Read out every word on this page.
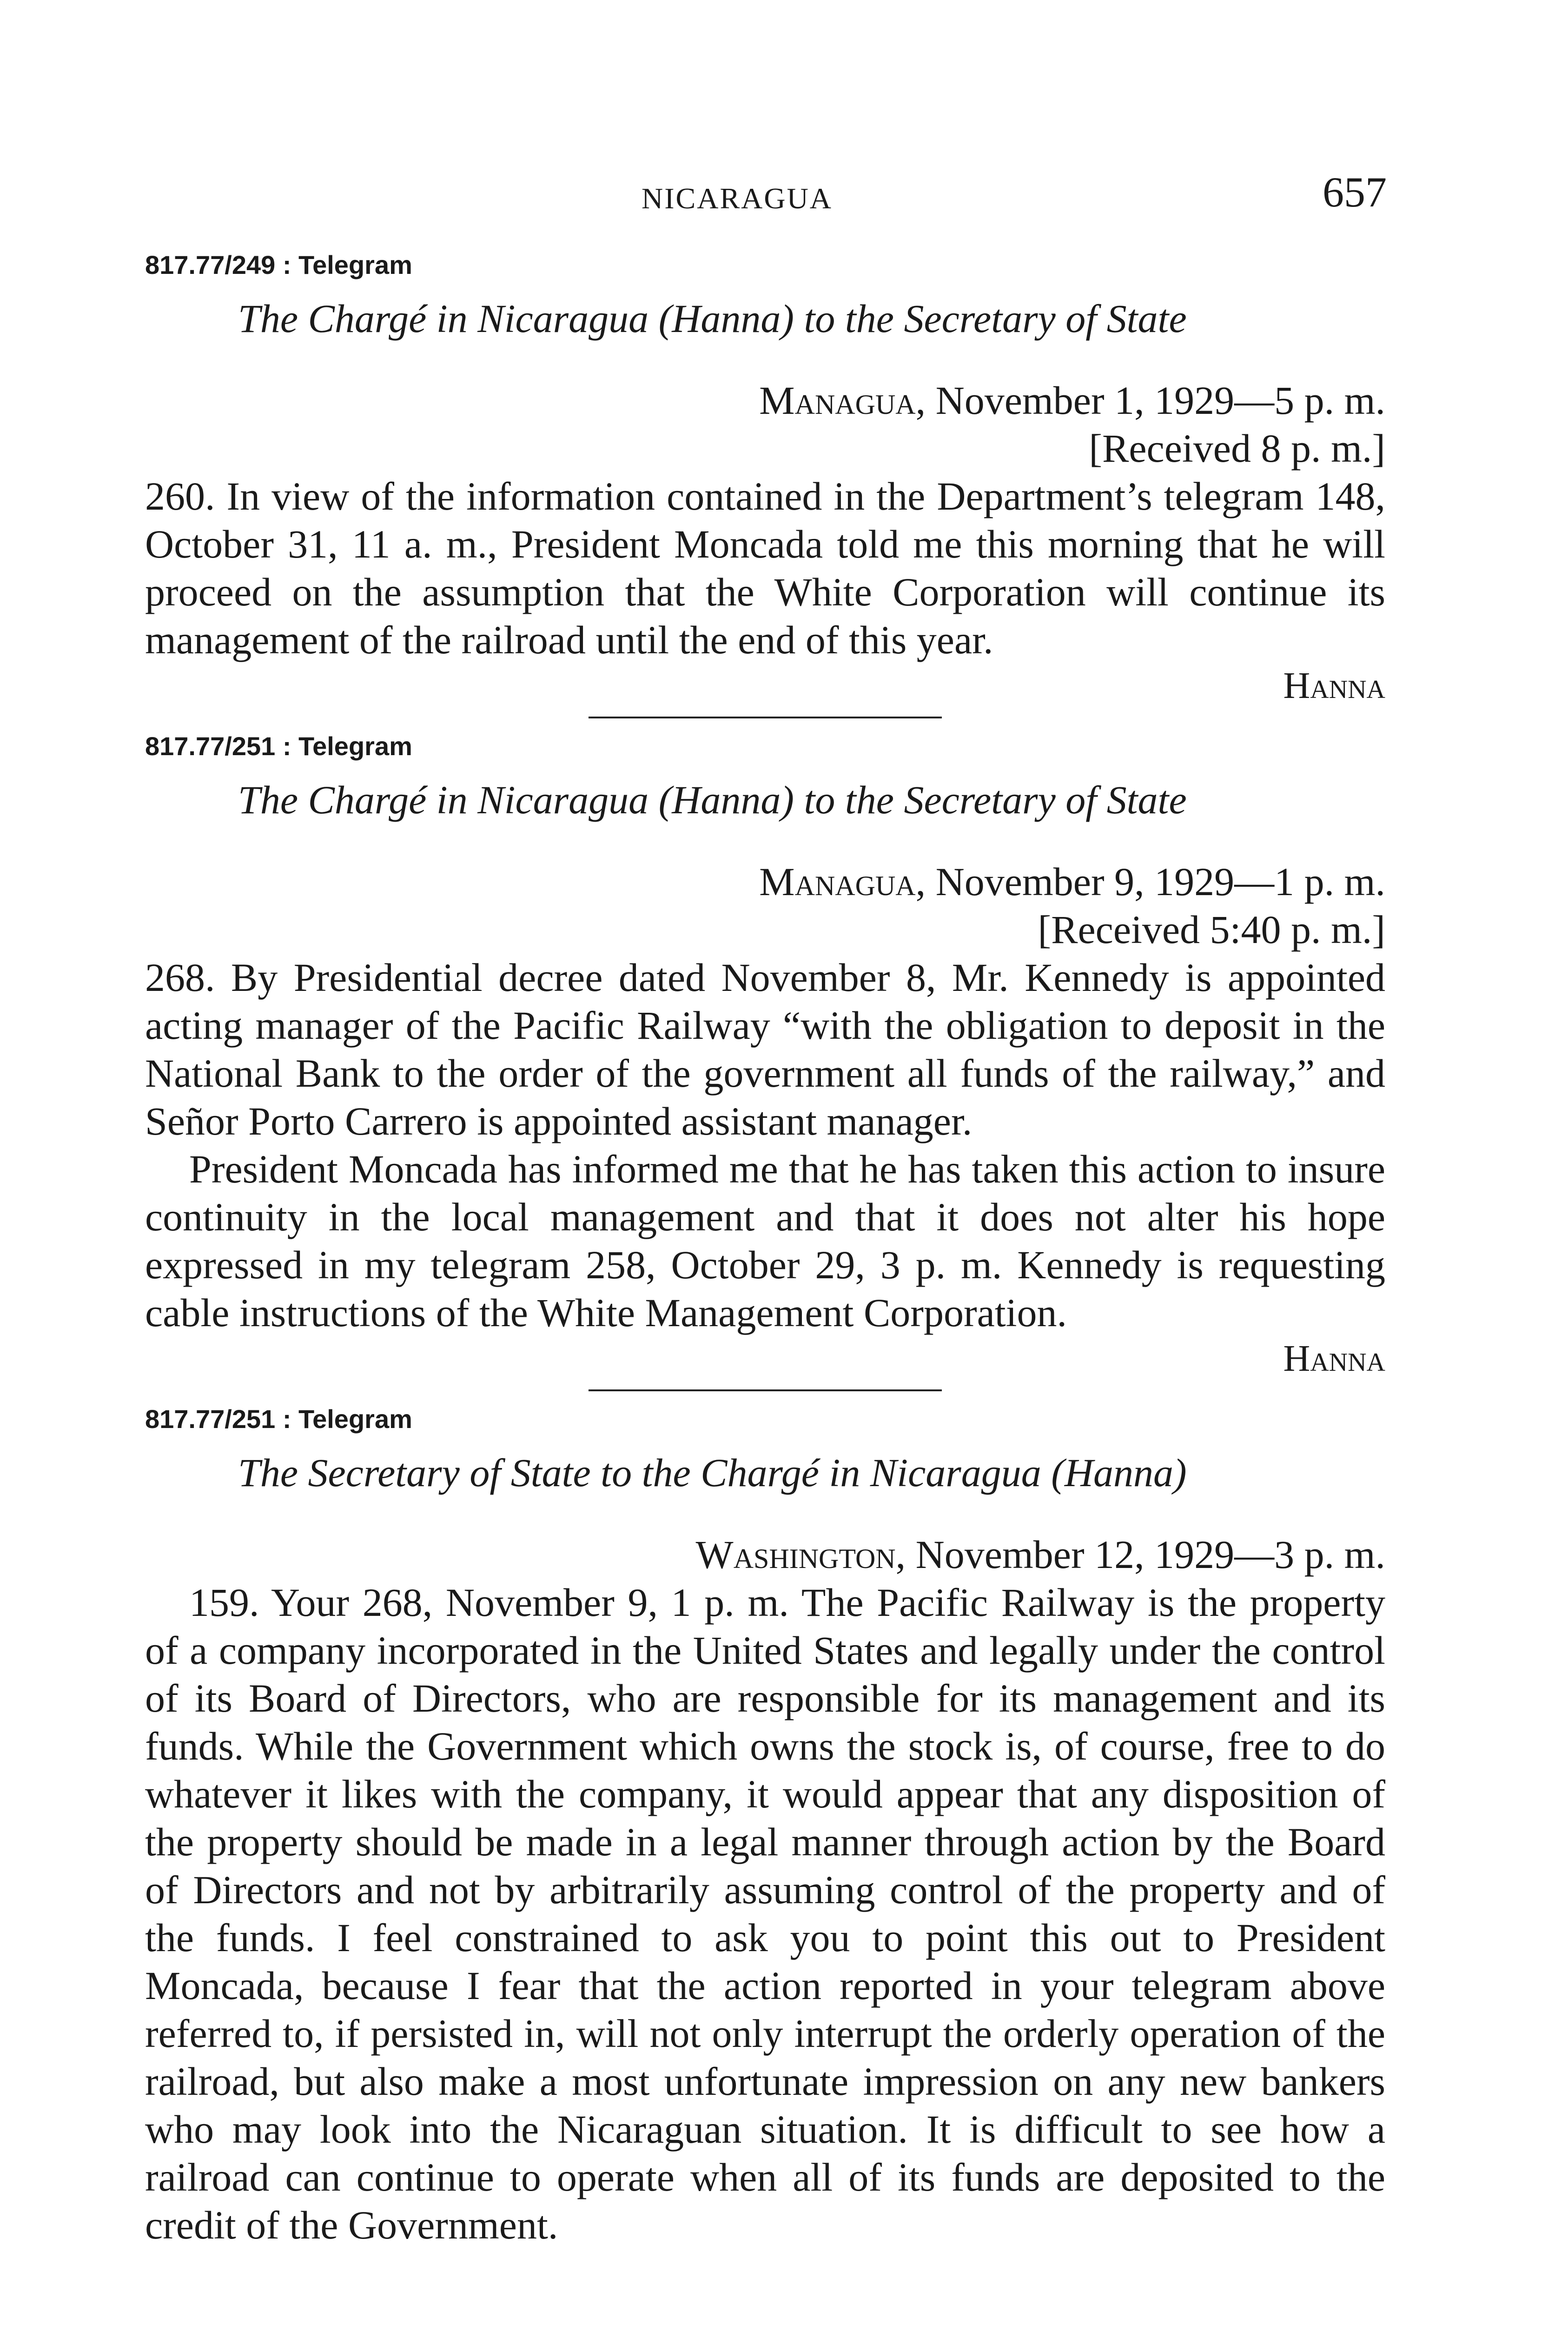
NICARAGUA	657

817.77/249 : Telegram

The Chargé in Nicaragua (Hanna) to the Secretary of State

Managua, November 1, 1929—5 p. m.

[Received 8 p. m.]

260. In view of the information contained in the Department’s telegram 148, October 31, 11 a. m., President Moncada told me this morning that he will proceed on the assumption that the White Corporation will continue its management of the railroad until the end of this year.

Hanna

817.77/251 : Telegram

The Chargé in Nicaragua (Hanna) to the Secretary of State

Managua, November 9, 1929—1 p. m.

[Received 5:40 p. m.]

268. By Presidential decree dated November 8, Mr. Kennedy is appointed acting manager of the Pacific Railway “with the obligation to deposit in the National Bank to the order of the government all funds of the railway,” and Señor Porto Carrero is appointed assistant manager.

President Moncada has informed me that he has taken this action to insure continuity in the local management and that it does not alter his hope expressed in my telegram 258, October 29, 3 p. m. Kennedy is requesting cable instructions of the White Management Corporation.

Hanna

817.77/251 : Telegram

The Secretary of State to the Chargé in Nicaragua (Hanna)

Washington, November 12, 1929—3 p. m.

159. Your 268, November 9, 1 p. m. The Pacific Railway is the property of a company incorporated in the United States and legally under the control of its Board of Directors, who are responsible for its management and its funds. While the Government which owns the stock is, of course, free to do whatever it likes with the company, it would appear that any disposition of the property should be made in a legal manner through action by the Board of Directors and not by arbitrarily assuming control of the property and of the funds. I feel constrained to ask you to point this out to President Moncada, because I fear that the action reported in your telegram above referred to, if persisted in, will not only interrupt the orderly operation of the railroad, but also make a most unfortunate impression on any new bankers who may look into the Nicaraguan situation. It is difficult to see how a railroad can continue to operate when all of its funds are deposited to the credit of the Government.
